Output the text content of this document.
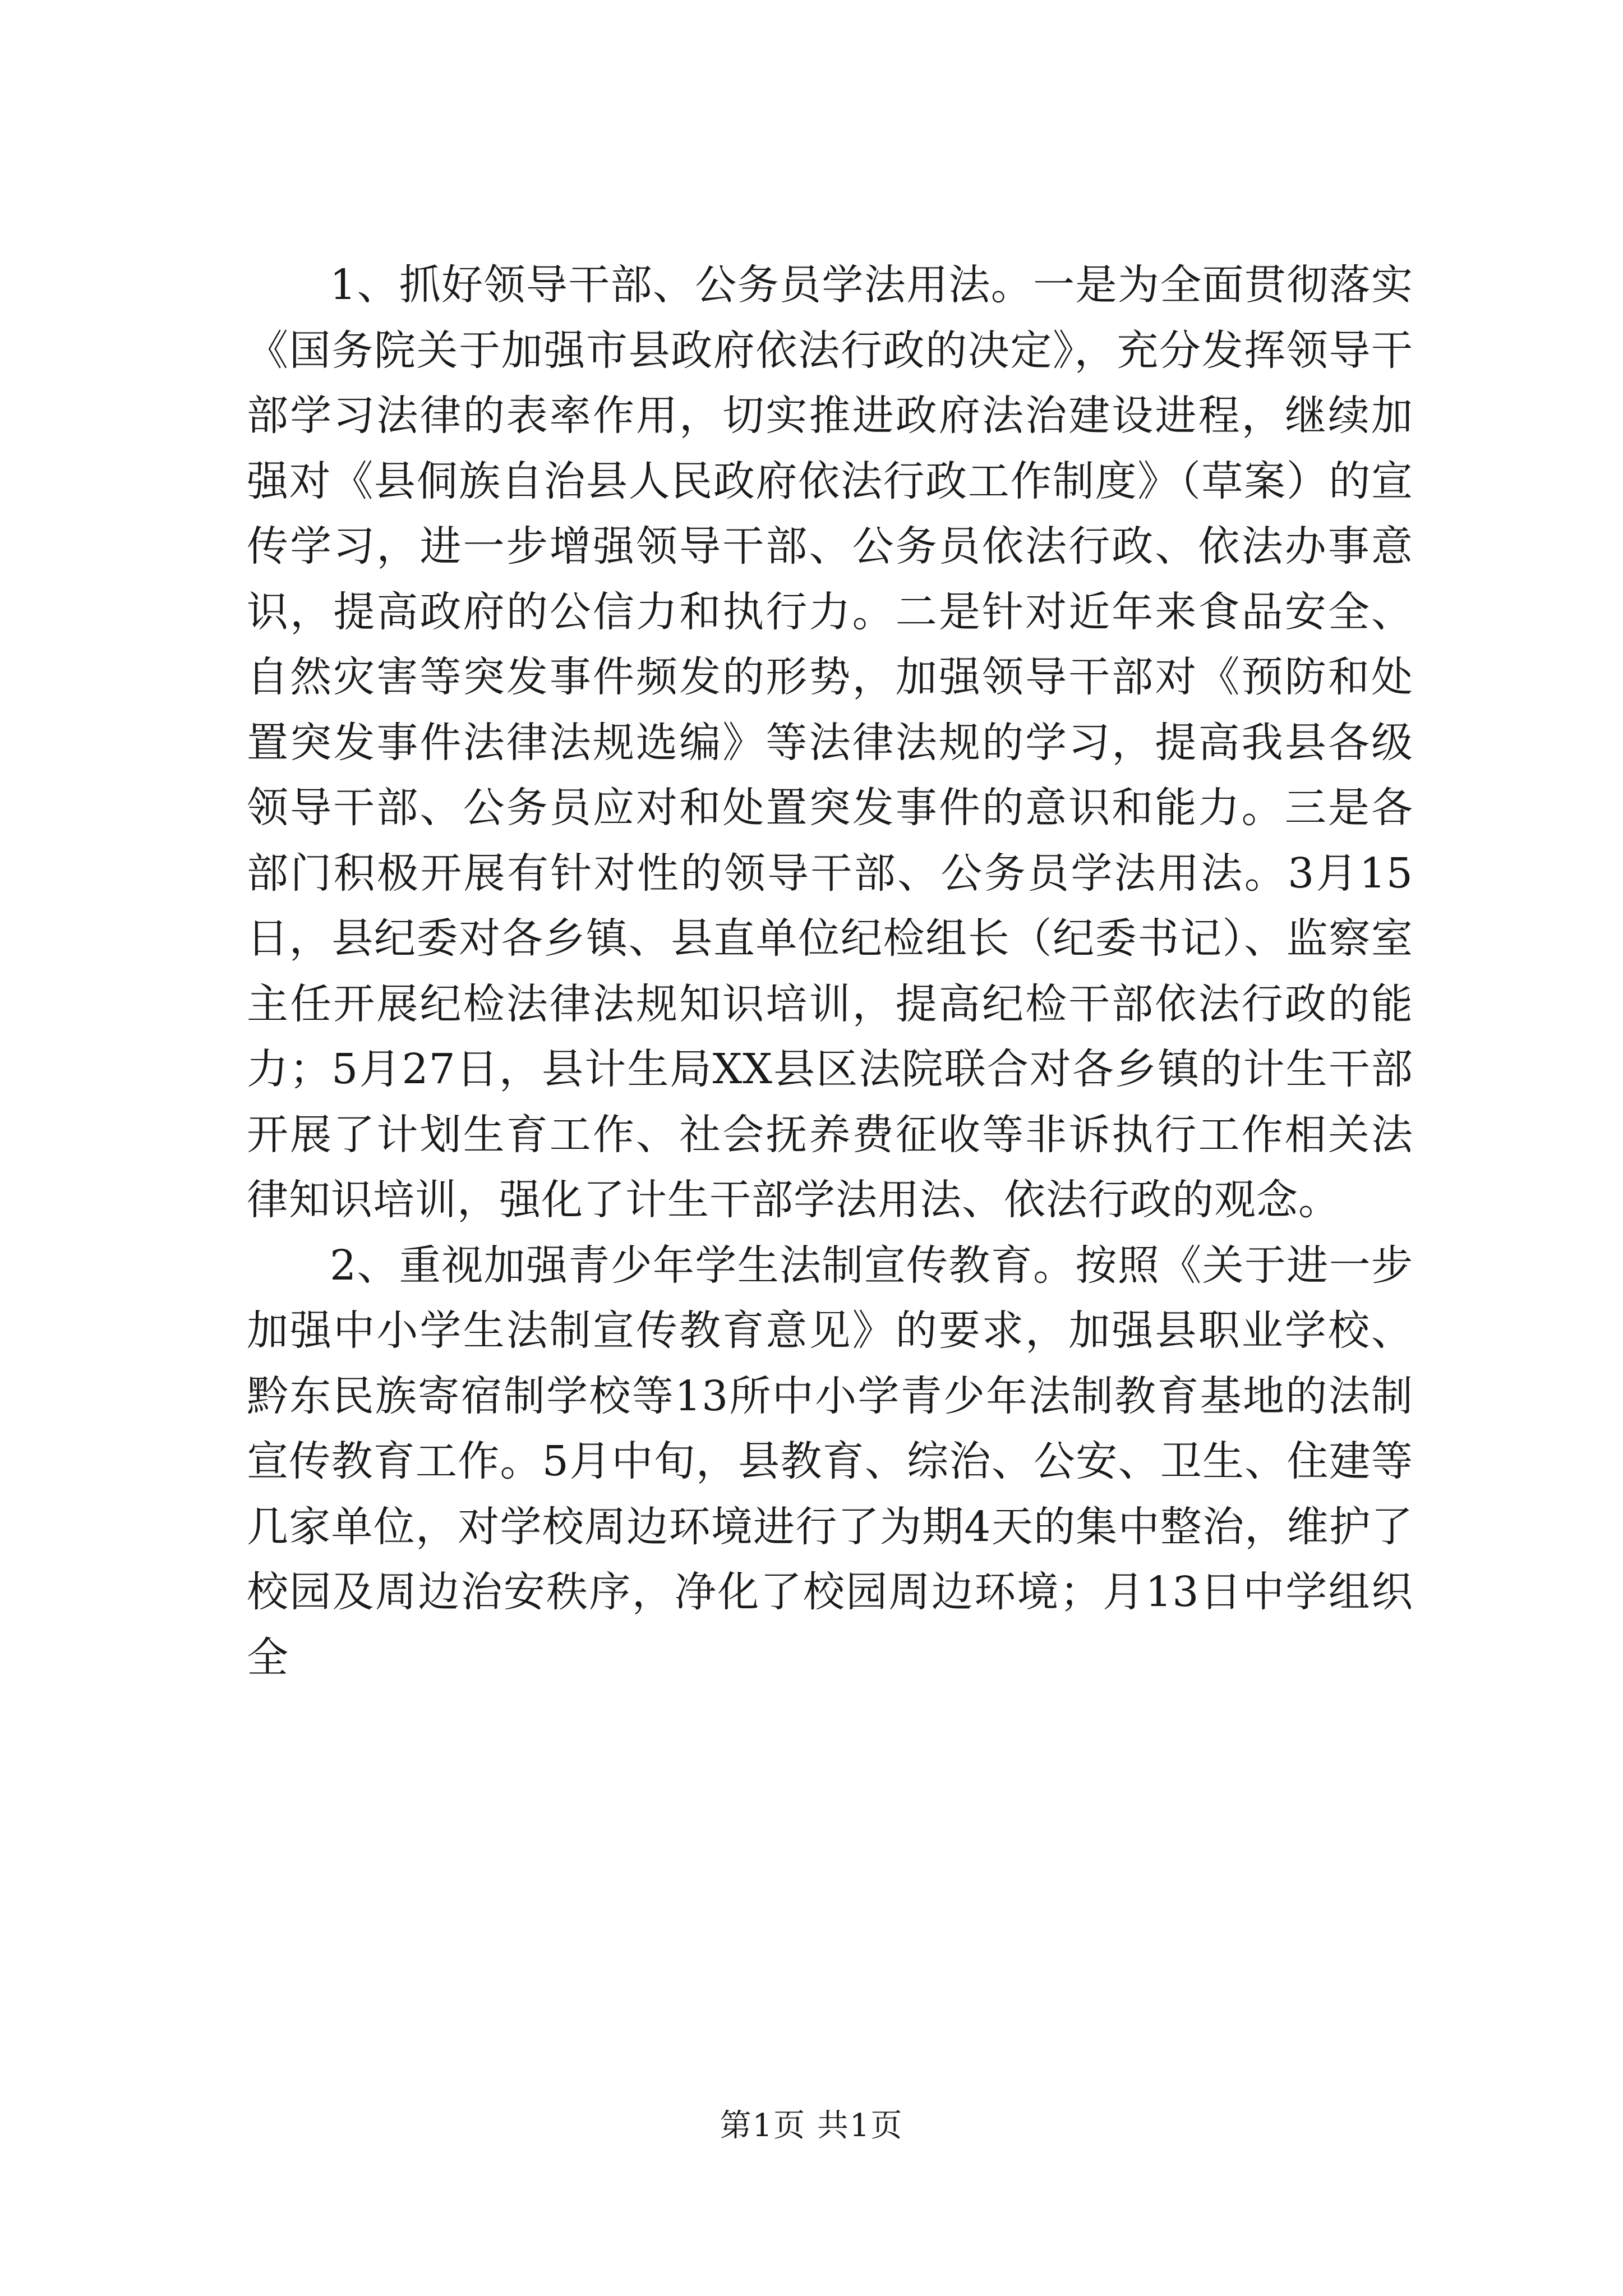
1、抓好领导干部、公务员学法用法。一是为全面贯彻落实《国务院关于加强市县政府依法行政的决定》，充分发挥领导干部学习法律的表率作用，切实推进政府法治建设进程，继续加强对《县侗族自治县人民政府依法行政工作制度》（草案）的宣传学习，进一步增强领导干部、公务员依法行政、依法办事意识，提高政府的公信力和执行力。二是针对近年来食品安全、自然灾害等突发事件频发的形势，加强领导干部对《预防和处置突发事件法律法规选编》等法律法规的学习，提高我县各级领导干部、公务员应对和处置突发事件的意识和能力。三是各部门积极开展有针对性的领导干部、公务员学法用法。3月15日，县纪委对各乡镇、县直单位纪检组长（纪委书记）、监察室主任开展纪检法律法规知识培训，提高纪检干部依法行政的能力；5月27日，县计生局XX县区法院联合对各乡镇的计生干部开展了计划生育工作、社会抚养费征收等非诉执行工作相关法律知识培训，强化了计生干部学法用法、依法行政的观念。

2、重视加强青少年学生法制宣传教育。按照《关于进一步加强中小学生法制宣传教育意见》的要求，加强县职业学校、黔东民族寄宿制学校等13所中小学青少年法制教育基地的法制宣传教育工作。5月中旬，县教育、综治、公安、卫生、住建等几家单位，对学校周边环境进行了为期4天的集中整治，维护了校园及周边治安秩序，净化了校园周边环境；月13日中学组织全

第1页 共1页
